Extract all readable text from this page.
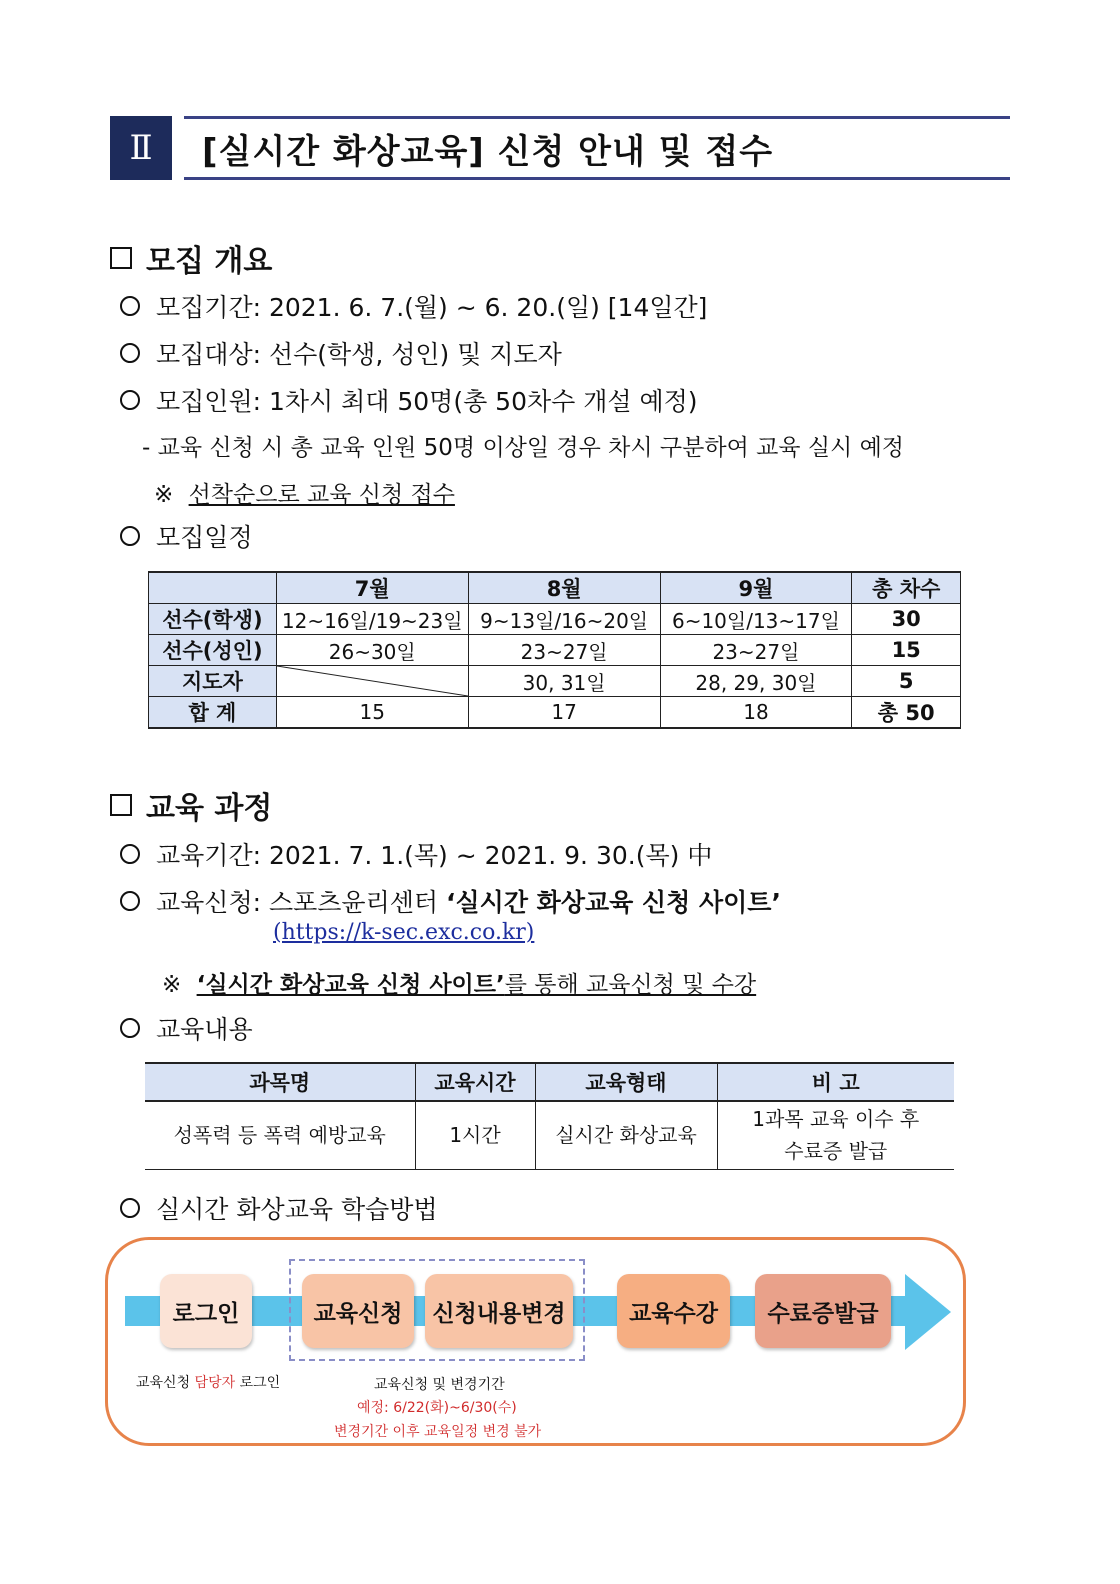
Ⅱ	[실시간 화상교육] 신청 안내 및 접수
모집 개요
모집기간: 2021. 6. 7.(월) ~ 6. 20.(일) [14일간]
모집대상: 선수(학생, 성인) 및 지도자
모집인원: 1차시 최대 50명(총 50차수 개설 예정)
- 교육 신청 시 총 교육 인원 50명 이상일 경우 차시 구분하여 교육 실시 예정
※ 선착순으로 교육 신청 접수
모집일정
	7월	8월	9월	총 차수
선수(학생)	12~16일/19~23일	9~13일/16~20일	6~10일/13~17일	30
선수(성인)	26~30일	23~27일	23~27일	15
지도자		30, 31일	28, 29, 30일	5
합 계	15	17	18	총 50
교육 과정
교육기간: 2021. 7. 1.(목) ~ 2021. 9. 30.(목) 中
교육신청: 스포츠윤리센터 ‘실시간 화상교육 신청 사이트’
(https://k-sec.exc.co.kr)
※ ‘실시간 화상교육 신청 사이트’를 통해 교육신청 및 수강
교육내용
과목명	교육시간	교육형태	비 고
성폭력 등 폭력 예방교육	1시간	실시간 화상교육	1과목 교육 이수 후
수료증 발급
실시간 화상교육 학습방법
로그인	교육신청	신청내용변경	교육수강	수료증발급
교육신청 담당자 로그인	교육신청 및 변경기간
예정: 6/22(화)~6/30(수)
변경기간 이후 교육일정 변경 불가
